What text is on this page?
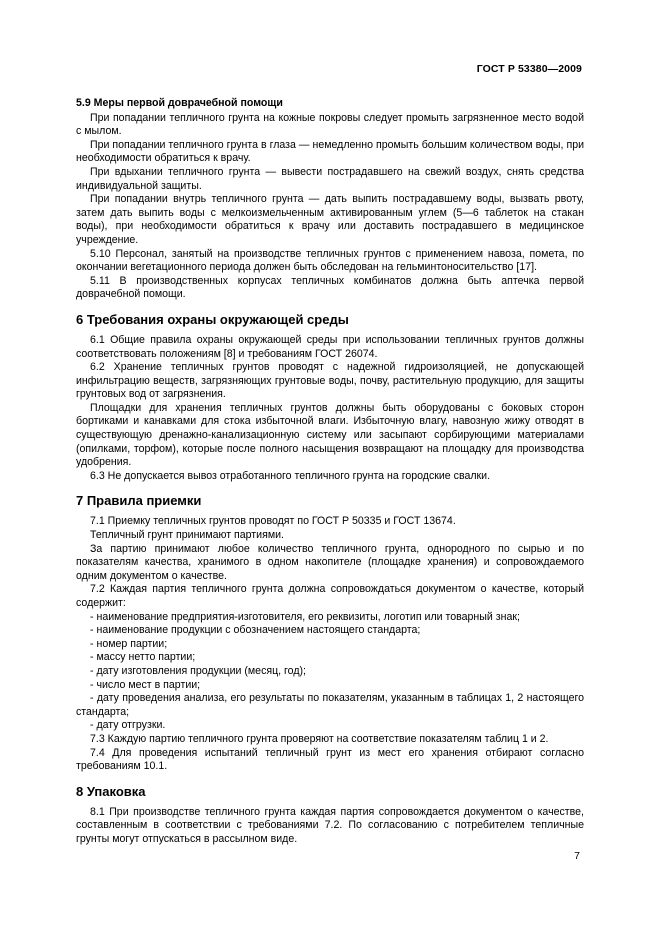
ГОСТ Р 53380—2009

5.9 Меры первой доврачебной помощи

При попадании тепличного грунта на кожные покровы следует промыть загрязненное место водой с мылом.

При попадании тепличного грунта в глаза — немедленно промыть большим количеством воды, при необходимости обратиться к врачу.

При вдыхании тепличного грунта — вывести пострадавшего на свежий воздух, снять средства индивидуальной защиты.

При попадании внутрь тепличного грунта — дать выпить пострадавшему воды, вызвать рвоту, затем дать выпить воды с мелкоизмельченным активированным углем (5—6 таблеток на стакан воды), при необходимости обратиться к врачу или доставить пострадавшего в медицинское учреждение.

5.10 Персонал, занятый на производстве тепличных грунтов с применением навоза, помета, по окончании вегетационного периода должен быть обследован на гельминтоносительство [17].

5.11 В производственных корпусах тепличных комбинатов должна быть аптечка первой доврачебной помощи.

6 Требования охраны окружающей среды

6.1 Общие правила охраны окружающей среды при использовании тепличных грунтов должны соответствовать положениям [8] и требованиям ГОСТ 26074.

6.2 Хранение тепличных грунтов проводят с надежной гидроизоляцией, не допускающей инфильтрацию веществ, загрязняющих грунтовые воды, почву, растительную продукцию, для защиты грунтовых вод от загрязнения.

Площадки для хранения тепличных грунтов должны быть оборудованы с боковых сторон бортиками и канавками для стока избыточной влаги. Избыточную влагу, навозную жижу отводят в существующую дренажно-канализационную систему или засыпают сорбирующими материалами (опилками, торфом), которые после полного насыщения возвращают на площадку для производства удобрения.

6.3 Не допускается вывоз отработанного тепличного грунта на городские свалки.

7 Правила приемки

7.1 Приемку тепличных грунтов проводят по ГОСТ Р 50335 и ГОСТ 13674.

Тепличный грунт принимают партиями.

За партию принимают любое количество тепличного грунта, однородного по сырью и по показателям качества, хранимого в одном накопителе (площадке хранения) и сопровождаемого одним документом о качестве.

7.2 Каждая партия тепличного грунта должна сопровождаться документом о качестве, который содержит:

- наименование предприятия-изготовителя, его реквизиты, логотип или товарный знак;

- наименование продукции с обозначением настоящего стандарта;

- номер партии;

- массу нетто партии;

- дату изготовления продукции (месяц, год);

- число мест в партии;

- дату проведения анализа, его результаты по показателям, указанным в таблицах 1, 2 настоящего стандарта;

- дату отгрузки.

7.3 Каждую партию тепличного грунта проверяют на соответствие показателям таблиц 1 и 2.

7.4 Для проведения испытаний тепличный грунт из мест его хранения отбирают согласно требованиям 10.1.

8 Упаковка

8.1 При производстве тепличного грунта каждая партия сопровождается документом о качестве, составленным в соответствии с требованиями 7.2. По согласованию с потребителем тепличные грунты могут отпускаться в рассылном виде.

7
